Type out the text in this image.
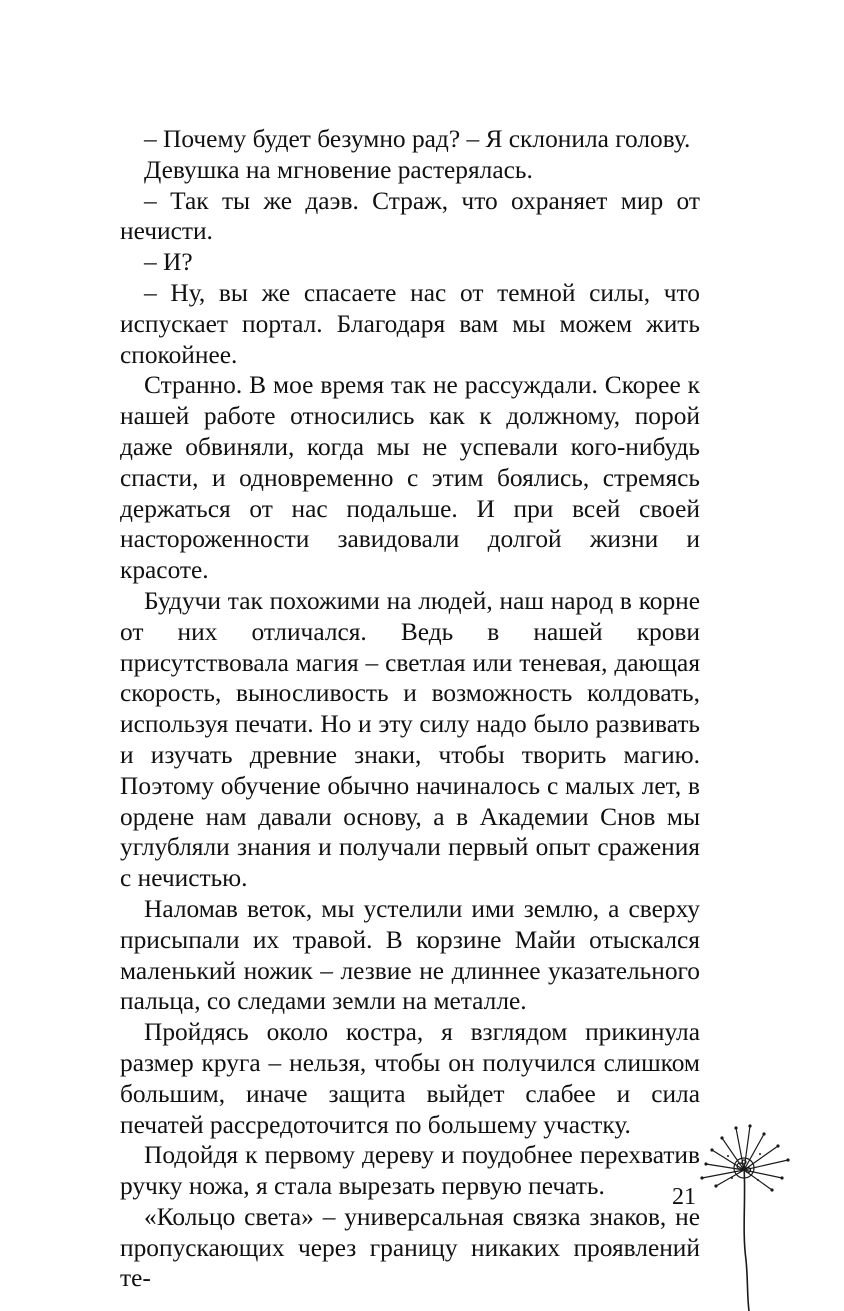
– Почему будет безумно рад? – Я склонила голову.

Девушка на мгновение растерялась.

– Так ты же даэв. Страж, что охраняет мир от нечисти.

– И?

– Ну, вы же спасаете нас от темной силы, что испускает портал. Благодаря вам мы можем жить спокойнее.

Странно. В мое время так не рассуждали. Скорее к нашей работе относились как к должному, порой даже обвиняли, когда мы не успевали кого-нибудь спасти, и одновременно с этим боялись, стремясь держаться от нас подальше. И при всей своей настороженности завидовали долгой жизни и красоте.

Будучи так похожими на людей, наш народ в корне от них отличался. Ведь в нашей крови присутствовала магия – светлая или теневая, дающая скорость, выносливость и возможность колдовать, используя печати. Но и эту силу надо было развивать и изучать древние знаки, чтобы творить магию. Поэтому обучение обычно начиналось с малых лет, в ордене нам давали основу, а в Академии Снов мы углубляли знания и получали первый опыт сражения с нечистью.

Наломав веток, мы устелили ими землю, а сверху присыпали их травой. В корзине Майи отыскался маленький ножик – лезвие не длиннее указательного пальца, со следами земли на металле.

Пройдясь около костра, я взглядом прикинула размер круга – нельзя, чтобы он получился слишком большим, иначе защита выйдет слабее и сила печатей рассредоточится по большему участку.

Подойдя к первому дереву и поудобнее перехватив ручку ножа, я стала вырезать первую печать.

«Кольцо света» – универсальная связка знаков, не пропускающих через границу никаких проявлений те-

21
